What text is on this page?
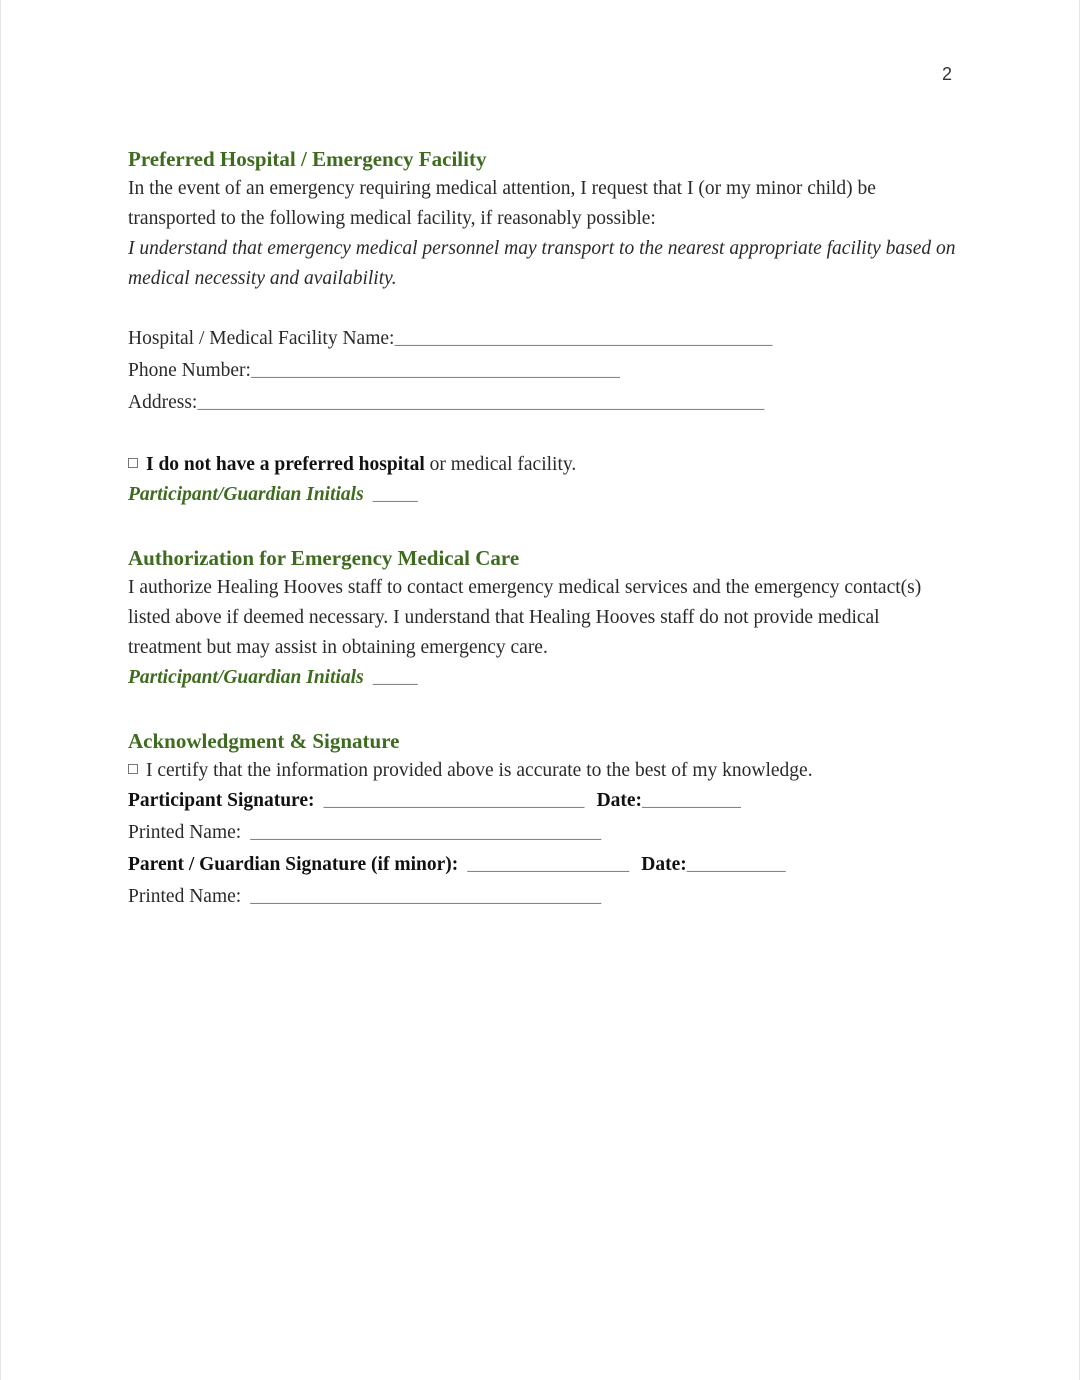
2
Preferred Hospital / Emergency Facility

In the event of an emergency requiring medical attention, I request that I (or my minor child) be transported to the following medical facility, if reasonably possible:

I understand that emergency medical personnel may transport to the nearest appropriate facility based on medical necessity and availability.

Hospital / Medical Facility Name:__________________________________________

Phone Number:_________________________________________

Address:_______________________________________________________________

I do not have a preferred hospital or medical facility.

Participant/Guardian Initials _____

Authorization for Emergency Medical Care

I authorize Healing Hooves staff to contact emergency medical services and the emergency contact(s) listed above if deemed necessary. I understand that Healing Hooves staff do not provide medical treatment but may assist in obtaining emergency care.

Participant/Guardian Initials _____

Acknowledgment & Signature

I certify that the information provided above is accurate to the best of my knowledge.

Participant Signature: _____________________________ Date:___________

Printed Name: _______________________________________

Parent / Guardian Signature (if minor): __________________ Date:___________

Printed Name: _______________________________________
